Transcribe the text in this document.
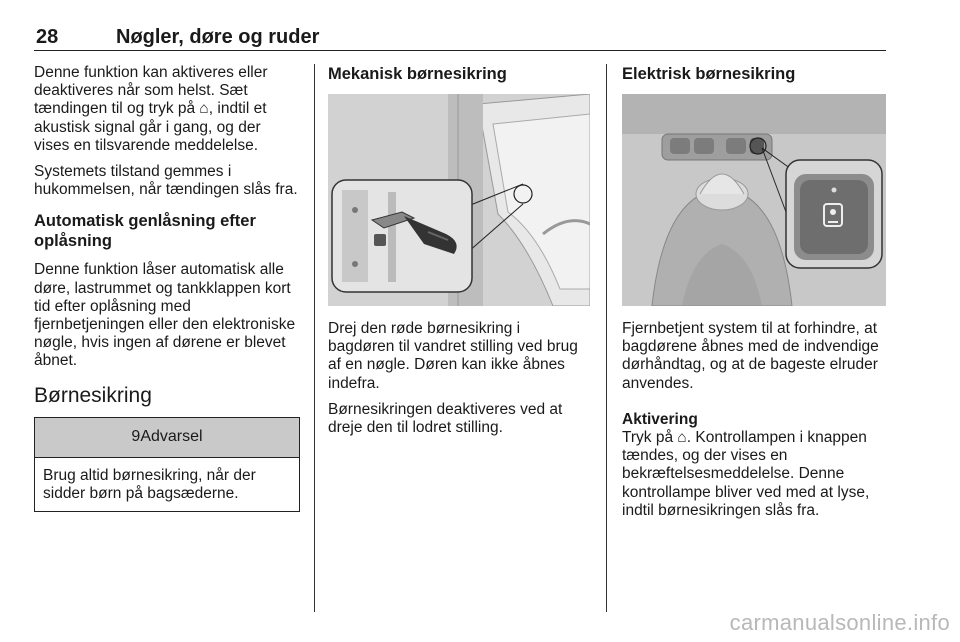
28	Nøgler, døre og ruder

Denne funktion kan aktiveres eller deaktiveres når som helst. Sæt tændingen til og tryk på ⌂, indtil et akustisk signal går i gang, og der vises en tilsvarende meddelelse.

Systemets tilstand gemmes i hukommelsen, når tændingen slås fra.

Automatisk genlåsning efter oplåsning

Denne funktion låser automatisk alle døre, lastrummet og tankklappen kort tid efter oplåsning med fjernbetjeningen eller den elektroniske nøgle, hvis ingen af dørene er blevet åbnet.

Børnesikring
9Advarsel
Brug altid børnesikring, når der sidder børn på bagsæderne.
Mekanisk børnesikring

Drej den røde børnesikring i bagdøren til vandret stilling ved brug af en nøgle. Døren kan ikke åbnes indefra.

Børnesikringen deaktiveres ved at dreje den til lodret stilling.

Elektrisk børnesikring

Fjernbetjent system til at forhindre, at bagdørene åbnes med de indvendige dørhåndtag, og at de bageste elruder anvendes.

Aktivering

Tryk på ⌂. Kontrollampen i knappen tændes, og der vises en bekræftelsesmeddelelse. Denne kontrollampe bliver ved med at lyse, indtil børnesikringen slås fra.

carmanualsonline.info
